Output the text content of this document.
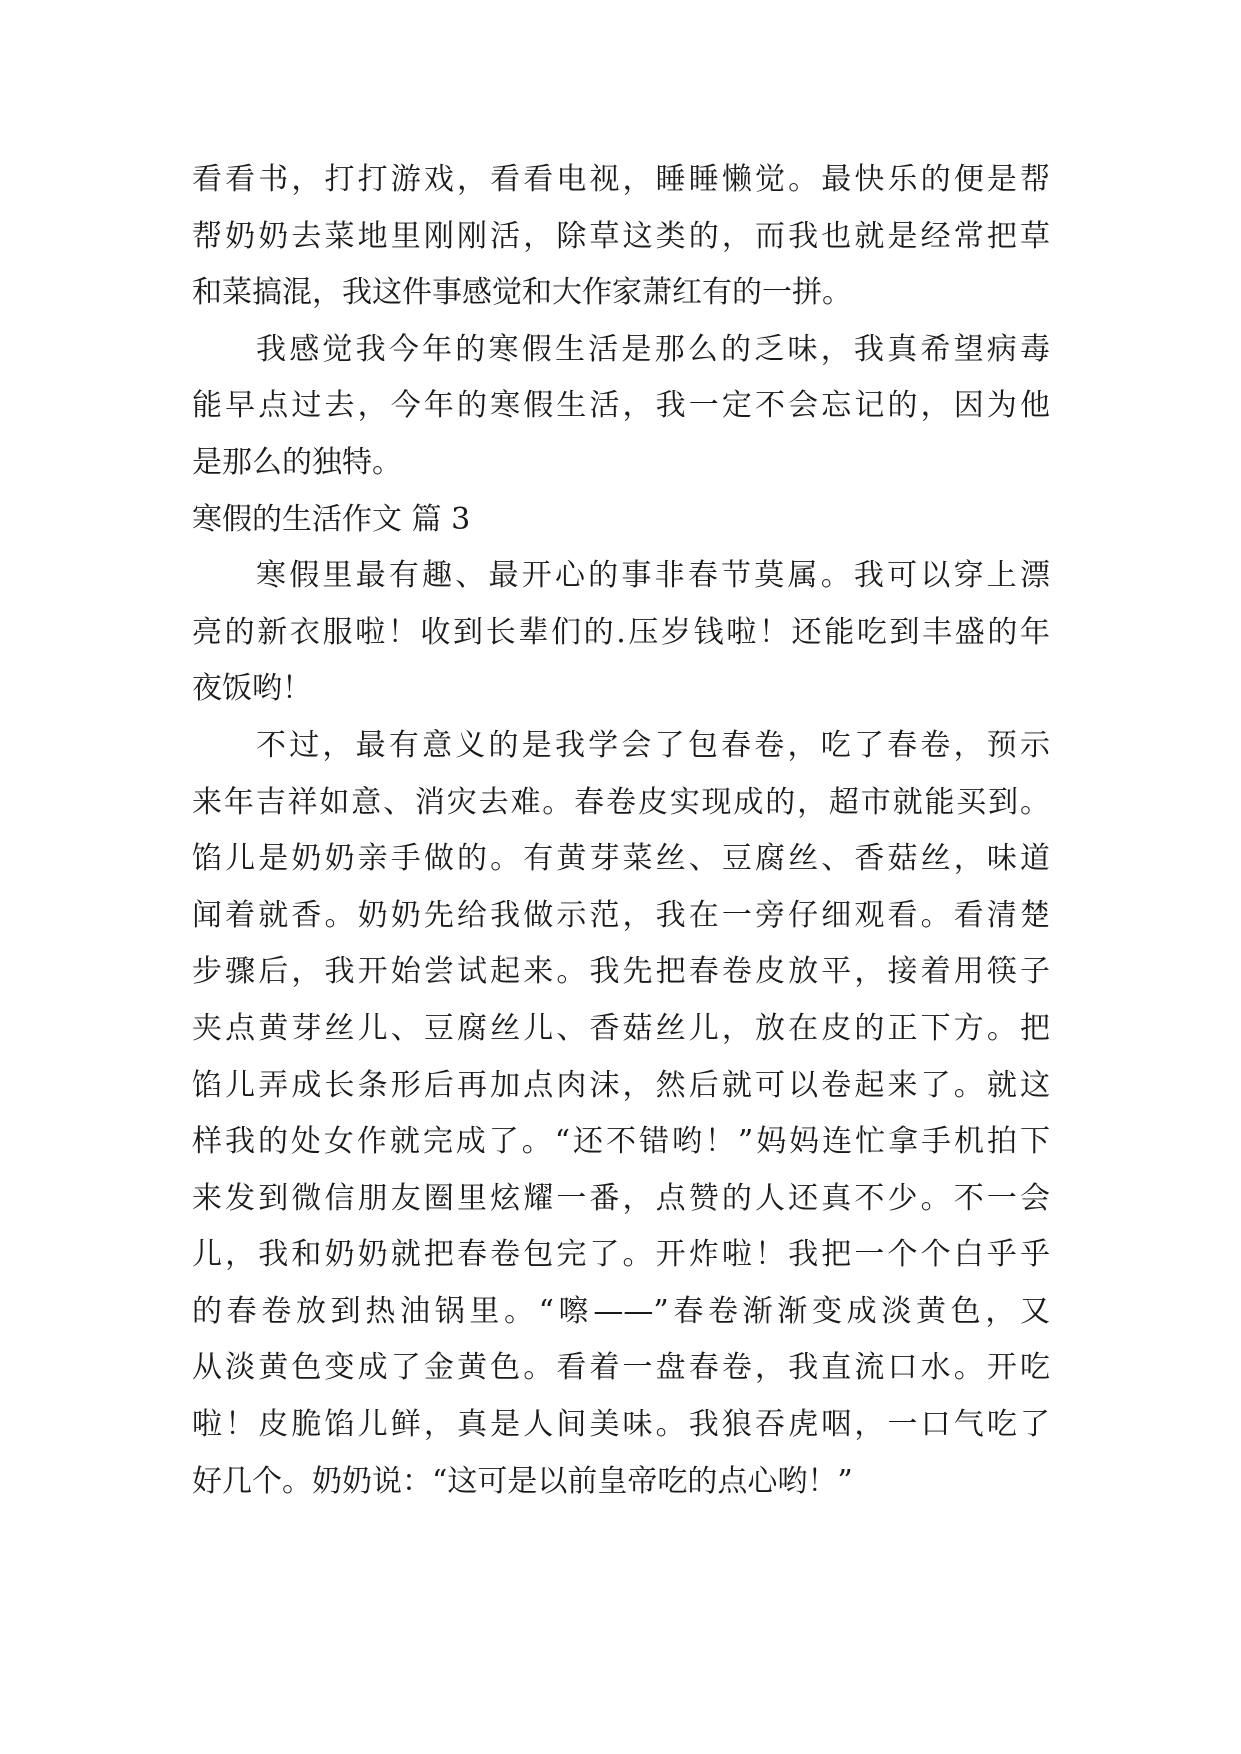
看看书，打打游戏，看看电视，睡睡懒觉。最快乐的便是帮
帮奶奶去菜地里刚刚活，除草这类的，而我也就是经常把草
和菜搞混，我这件事感觉和大作家萧红有的一拼。
我感觉我今年的寒假生活是那么的乏味，我真希望病毒
能早点过去，今年的寒假生活，我一定不会忘记的，因为他
是那么的独特。
寒假的生活作文 篇 3
寒假里最有趣、最开心的事非春节莫属。我可以穿上漂
亮的新衣服啦！收到长辈们的.压岁钱啦！还能吃到丰盛的年
夜饭哟！
不过，最有意义的是我学会了包春卷，吃了春卷，预示
来年吉祥如意、消灾去难。春卷皮实现成的，超市就能买到。
馅儿是奶奶亲手做的。有黄芽菜丝、豆腐丝、香菇丝，味道
闻着就香。奶奶先给我做示范，我在一旁仔细观看。看清楚
步骤后，我开始尝试起来。我先把春卷皮放平，接着用筷子
夹点黄芽丝儿、豆腐丝儿、香菇丝儿，放在皮的正下方。把
馅儿弄成长条形后再加点肉沫，然后就可以卷起来了。就这
样我的处女作就完成了。“还不错哟！”妈妈连忙拿手机拍下
来发到微信朋友圈里炫耀一番，点赞的人还真不少。不一会
儿，我和奶奶就把春卷包完了。开炸啦！我把一个个白乎乎
的春卷放到热油锅里。“嚓——”春卷渐渐变成淡黄色，又
从淡黄色变成了金黄色。看着一盘春卷，我直流口水。开吃
啦！皮脆馅儿鲜，真是人间美味。我狼吞虎咽，一口气吃了
好几个。奶奶说：“这可是以前皇帝吃的点心哟！”
